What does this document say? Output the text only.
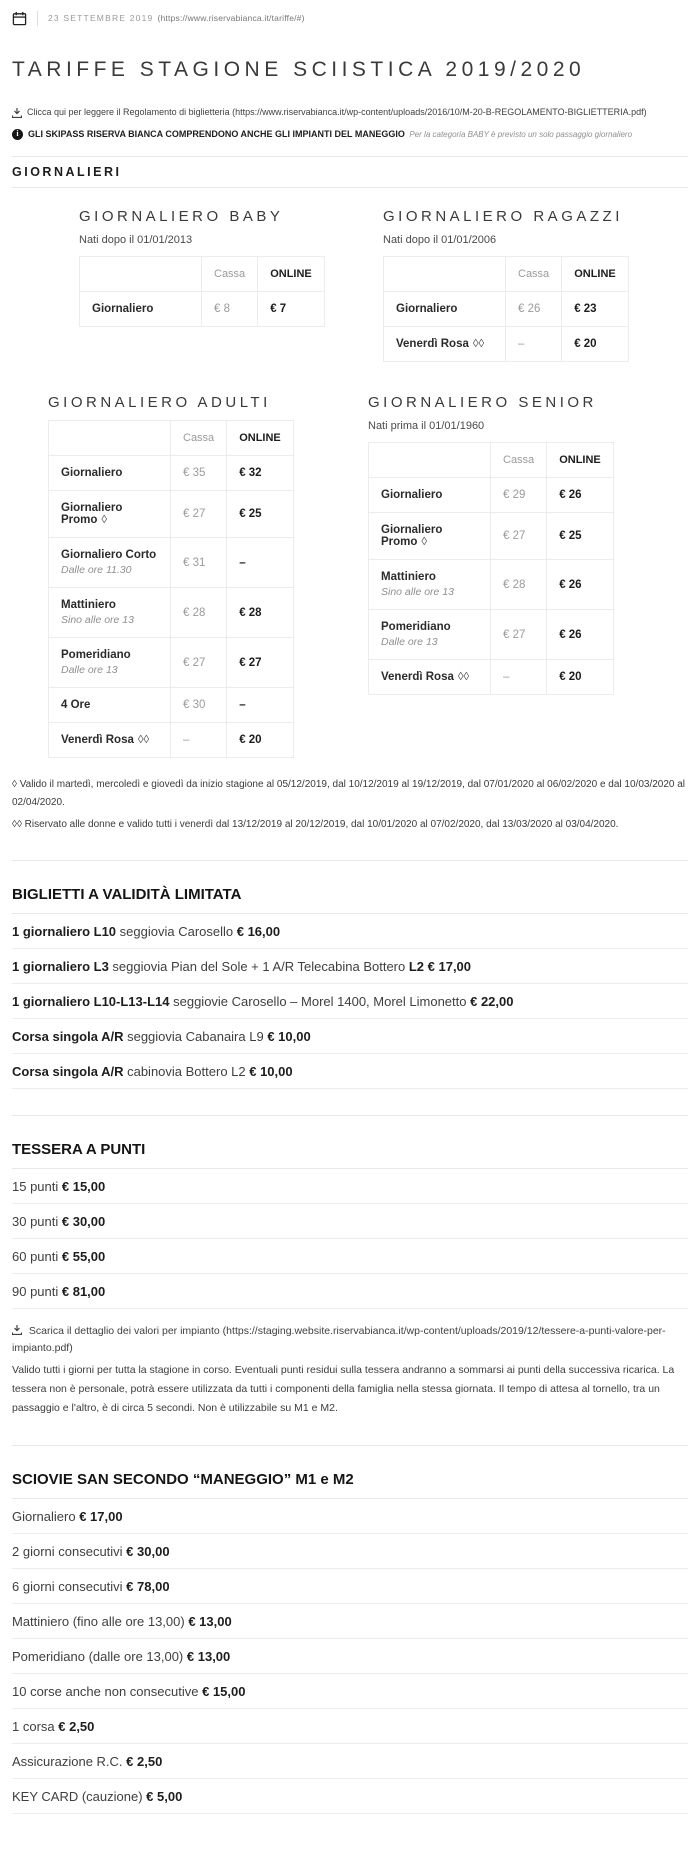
23 SETTEMBRE 2019 (https://www.riservabianca.it/tariffe/#)
TARIFFE STAGIONE SCIISTICA 2019/2020
Clicca qui per leggere il Regolamento di biglietteria (https://www.riservabianca.it/wp-content/uploads/2016/10/M-20-B-REGOLAMENTO-BIGLIETTERIA.pdf)
i	GLI SKIPASS RISERVA BIANCA COMPRENDONO ANCHE GLI IMPIANTI DEL MANEGGIO Per la categoria BABY è previsto un solo passaggio giornaliero
GIORNALIERI
GIORNALIERO BABY

Nati dopo il 01/01/2013

	Cassa	ONLINE
Giornaliero	€ 8	€ 7
GIORNALIERO RAGAZZI

Nati dopo il 01/01/2006

	Cassa	ONLINE
Giornaliero	€ 26	€ 23
Venerdì Rosa ◊◊	–	€ 20
GIORNALIERO ADULTI
	Cassa	ONLINE
Giornaliero	€ 35	€ 32
Giornaliero Promo ◊	€ 27	€ 25
Giornaliero Corto
Dalle ore 11.30	€ 31	–
Mattiniero
Sino alle ore 13	€ 28	€ 28
Pomeridiano
Dalle ore 13	€ 27	€ 27
4 Ore	€ 30	–
Venerdì Rosa ◊◊	–	€ 20
GIORNALIERO SENIOR

Nati prima il 01/01/1960

	Cassa	ONLINE
Giornaliero	€ 29	€ 26
Giornaliero Promo ◊	€ 27	€ 25
Mattiniero
Sino alle ore 13	€ 28	€ 26
Pomeridiano
Dalle ore 13	€ 27	€ 26
Venerdì Rosa ◊◊	–	€ 20

◊ Valido il martedì, mercoledì e giovedì da inizio stagione al 05/12/2019, dal 10/12/2019 al 19/12/2019, dal 07/01/2020 al 06/02/2020 e dal 10/03/2020 al 02/04/2020.

◊◊ Riservato alle donne e valido tutti i venerdì dal 13/12/2019 al 20/12/2019, dal 10/01/2020 al 07/02/2020, dal 13/03/2020 al 03/04/2020.

BIGLIETTI A VALIDITÀ LIMITATA
1 giornaliero L10 seggiovia Carosello € 16,00
1 giornaliero L3 seggiovia Pian del Sole + 1 A/R Telecabina Bottero L2 € 17,00
1 giornaliero L10-L13-L14 seggiovie Carosello – Morel 1400, Morel Limonetto € 22,00
Corsa singola A/R seggiovia Cabanaira L9 € 10,00
Corsa singola A/R cabinovia Bottero L2 € 10,00
TESSERA A PUNTI
15 punti € 15,00
30 punti € 30,00
60 punti € 55,00
90 punti € 81,00
Scarica il dettaglio dei valori per impianto (https://staging.website.riservabianca.it/wp-content/uploads/2019/12/tessere-a-punti-valore-per-impianto.pdf)

Valido tutti i giorni per tutta la stagione in corso. Eventuali punti residui sulla tessera andranno a sommarsi ai punti della successiva ricarica. La tessera non è personale, potrà essere utilizzata da tutti i componenti della famiglia nella stessa giornata. Il tempo di attesa al tornello, tra un passaggio e l'altro, è di circa 5 secondi. Non è utilizzabile su M1 e M2.

SCIOVIE SAN SECONDO “MANEGGIO” M1 e M2
Giornaliero € 17,00
2 giorni consecutivi € 30,00
6 giorni consecutivi € 78,00
Mattiniero (fino alle ore 13,00) € 13,00
Pomeridiano (dalle ore 13,00) € 13,00
10 corse anche non consecutive € 15,00
1 corsa € 2,50
Assicurazione R.C. € 2,50
KEY CARD (cauzione) € 5,00
